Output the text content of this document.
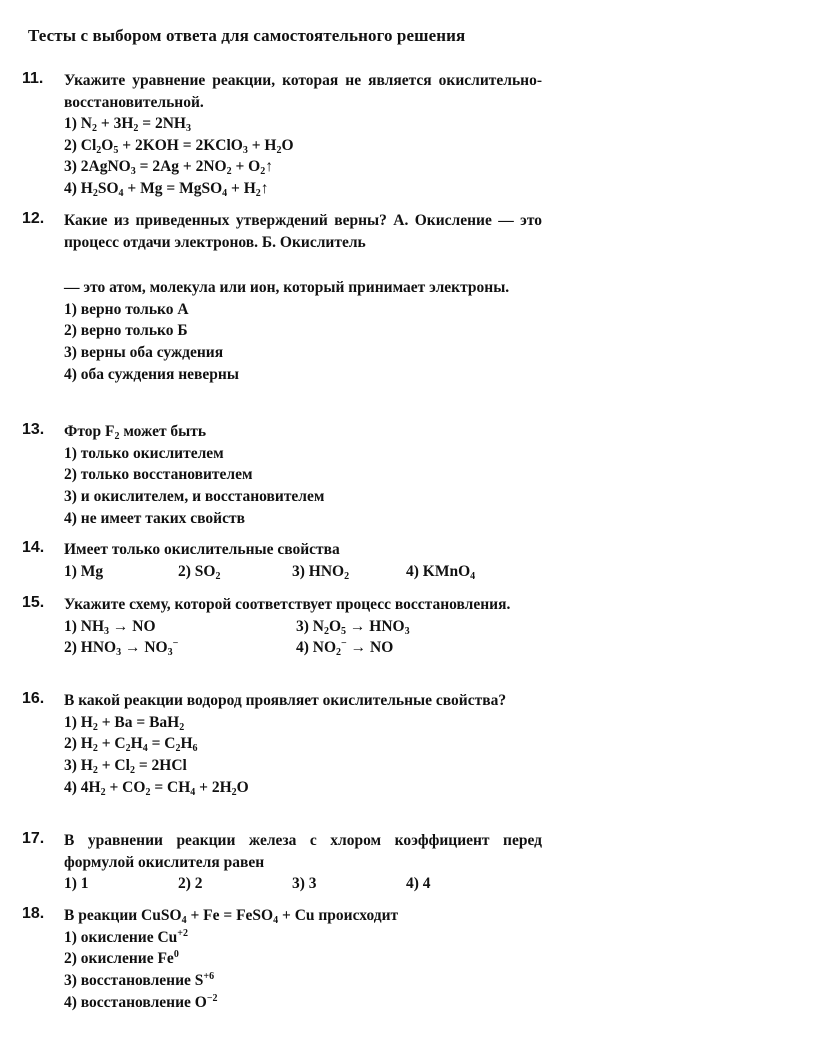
Тесты с выбором ответа для самостоятельного решения
11.	Укажите уравнение реакции, которая не является окислительно-восстановительной.
1) $N_2 + 3H_2 = 2NH_3$
2) $Cl_2O_5 + 2KOH$ = 2KClO$_3$ + $H_2O$
3) 2AgNO$_3$ = $2Ag + 2NO_2$ + $O_2↑$
4) $H_2SO_4 + Mg$ = MgSO$_4$ + $H_2↑$
12.	Какие из приведенных утверждений верны? А. Окисление — это процесс отдачи электронов. Б. Окислитель
— это атом, молекула или ион, который принимает электроны.
1) верно только А
2) верно только Б
3) верны оба суждения
4) оба суждения неверны
13.	Фтор $F_2$ может быть
1) только окислителем
2) только восстановителем
3) и окислителем, и восстановителем
4) не имеет таких свойств
14.	Имеет только окислительные свойства
1) Mg	2) $SO_2$	3) $HNO_2$	4) KMnO$_4$
15.	Укажите схему, которой соответствует процесс восстановления.
1) $NH_3$ → NO	3) $N_2O_5 \to HNO_3$
2) $HNO_3 \to NO_3^-$	4) $NO_2^-$ → NO
16.	В какой реакции водород проявляет окислительные свойства?
1) $H_2 + Ba = BaH_2$
2) $H_2 + C_2H_4 = C_2H_6$
3) $H_2 + Cl_2 = 2HCl$
4) $4H_2 + CO_2 = CH_4 + 2H_2O$
17.	В уравнении реакции железа с хлором коэффициент перед формулой окислителя равен
1) 1	2) 2	3) 3	4) 4
18.	В реакции CuSO$_4$ + Fe = FeSO$_4$ + Cu происходит
1) окисление $Cu^{+2}$
2) окисление Fe$^0$
3) восстановление $S^{+6}$
4) восстановление $O^{-2}$
